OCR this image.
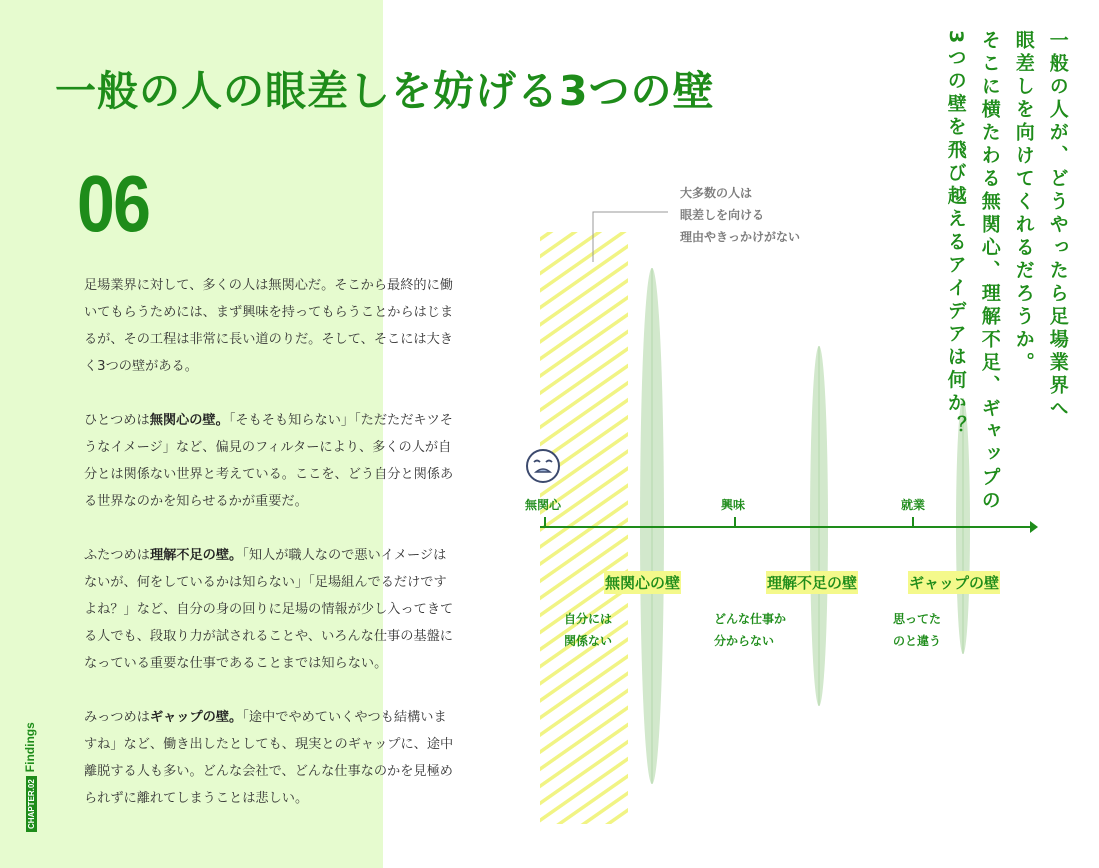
一般の人の眼差しを妨げる3つの壁
06

足場業界に対して、多くの人は無関心だ。そこから最終的に働いてもらうためには、まず興味を持ってもらうことからはじまるが、その工程は非常に長い道のりだ。そして、そこには大きく3つの壁がある。

ひとつめは無関心の壁。「そもそも知らない」「ただただキツそうなイメージ」など、偏見のフィルターにより、多くの人が自分とは関係ない世界と考えている。ここを、どう自分と関係ある世界なのかを知らせるかが重要だ。

ふたつめは理解不足の壁。「知人が職人なので悪いイメージはないが、何をしているかは知らない」「足場組んでるだけですよね？」など、自分の身の回りに足場の情報が少し入ってきてる人でも、段取り力が試されることや、いろんな仕事の基盤になっている重要な仕事であることまでは知らない。

みっつめはギャップの壁。「途中でやめていくやつも結構いますね」など、働き出したとしても、現実とのギャップに、途中離脱する人も多い。どんな会社で、どんな仕事なのかを見極められずに離れてしまうことは悲しい。

CHAPTER.02Findings
大多数の人は
眼差しを向ける
理由やきっかけがない
無関心	興味	就業
無関心の壁	理解不足の壁	ギャップの壁
自分には
関係ない
どんな仕事か
分からない
思ってた
のと違う
一般の人が、どうやったら足場業界へ
眼差しを向けてくれるだろうか。
そこに横たわる無関心、理解不足、ギャップの
3つの壁を飛び越えるアイデアは何か？
